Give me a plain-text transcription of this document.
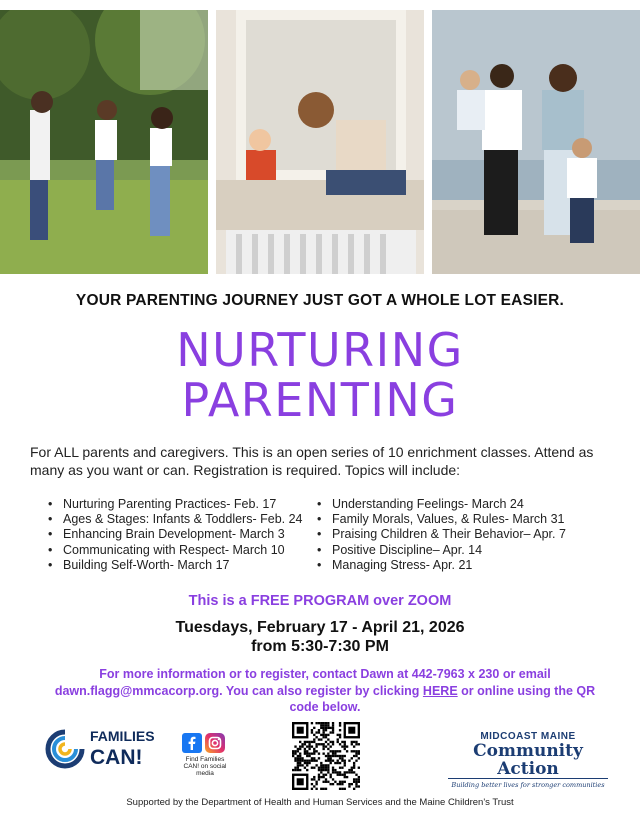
YOUR PARENTING JOURNEY JUST GOT A WHOLE LOT EASIER.
NURTURING
PARENTING

For ALL parents and caregivers. This is an open series of 10 enrichment classes. Attend as many as you want or can. Registration is required. Topics will include:

• Nurturing Parenting Practices- Feb. 17
• Ages & Stages: Infants & Toddlers- Feb. 24
• Enhancing Brain Development- March 3
• Communicating with Respect- March 10
• Building Self-Worth- March 17
• Understanding Feelings- March 24
• Family Morals, Values, & Rules- March 31
• Praising Children & Their Behavior– Apr. 7
• Positive Discipline– Apr. 14
• Managing Stress- Apr. 21
This is a FREE PROGRAM over ZOOM
Tuesdays, February 17 - April 21, 2026
from 5:30-7:30 PM

For more information or to register, contact Dawn at 442-7963 x 230 or email dawn.flagg@mmcacorp.org. You can also register by clicking HERE or online using the QR code below.

FAMILIES
CAN!	Find Families CAN! on social media
MIDCOAST MAINE
Community Action
Building better lives for stronger communities
Supported by the Department of Health and Human Services and the Maine Children's Trust
